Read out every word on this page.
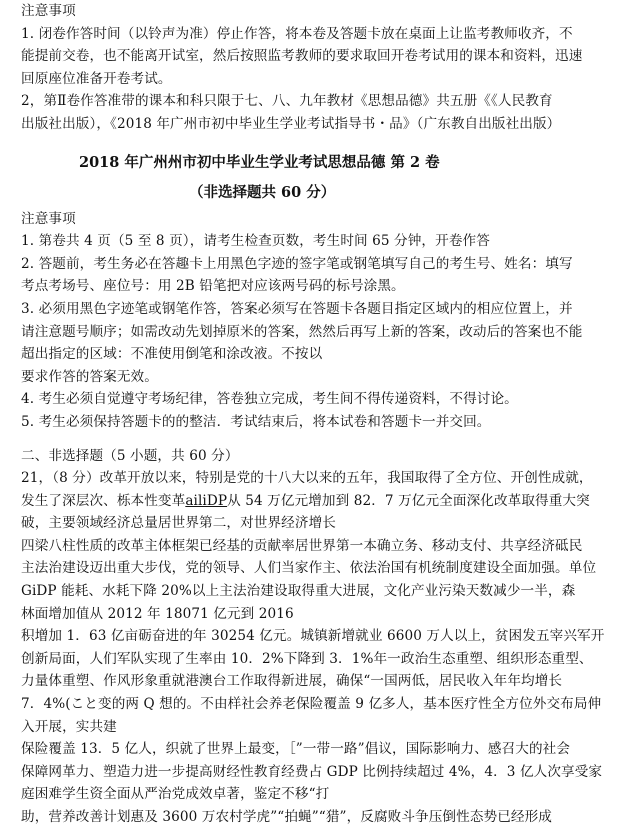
注意事项
1. 闭卷作答时间（以铃声为准）停止作答，将本卷及答题卡放在桌面上让监考教师收齐，不
能提前交卷，也不能离开试室，然后按照监考教师的要求取回开卷考试用的课本和资料，迅速
回原座位准备开卷考试。
2，第Ⅱ卷作答准带的课本和科只限于七、八、九年教材《思想品德》共五册《《人民教育
出版社出版），《2018 年广州市初中毕业生学业考试指导书・品》（广东教自出版社出版）
2018 年广州州市初中毕业生学业考试思想品德 第 2 卷
（非选择题共 60 分）
注意事项
1. 第卷共 4 页（5 至 8 页），请考生检查页数，考生时间 65 分钟，开卷作答
2. 答题前，考生务必在答趣卡上用黑色字迹的签字笔或钢笔填写自己的考生号、姓名：填写
考点考场号、座位号：用 2B 铅笔把对应该两号码的标号涂黑。
3. 必须用黑色字迹笔或钢笔作答，答案必须写在答题卡各题目指定区域内的相应位置上，并
请注意题号顺序；如需改动先划掉原米的答案，然然后再写上新的答案，改动后的答案也不能
超出指定的区域：不准使用倒笔和涂改液。不按以
要求作答的答案无效。
4. 考生必须自觉遵守考场纪律，答卷独立完成，考生间不得传递资料，不得讨论。
5. 考生必须保持答题卡的的整洁．考试结束后，将本试卷和答题卡一并交回。
二、非选择题（5 小题，共 60 分）
21，（8 分）改革开放以来，特别是党的十八大以来的五年，我国取得了全方位、开创性成就，
发生了深层次、栎本性变革ailiDP从 54 万亿元增加到 82．7 万亿元全面深化改革取得重大突
破，主要领域经济总量居世界第二，对世界经济增长
四梁八柱性质的改革主体框架已经基的贡献率居世界第一本确立务、移动支付、共享经济砥民
主法治建设迈出重大步伐，党的领导、人们当家作主、依法治国有机统制度建设全面加强。单位
GiDP 能耗、水耗下降 20%以上主法治建设取得重大进展，文化产业污染天数减少一半，森
林面增加值从 2012 年 18071 亿元到 2016
积增加 1．63 亿亩砺奋进的年 30254 亿元。城镇新增就业 6600 万人以上，贫困发五宰兴军开
创新局面，人们军队实现了生率由 10．2%下降到 3．1%年一政治生态重塑、组织形态重型、
力量体重塑、作风形象重就港澳台工作取得新进展，确保“一国两低，居民收入年年均增长
7．4%(こと变的两 Q 想的。不由样社会养老保险覆盖 9 亿多人，基本医疗性全方位外交布局伸
入开展，实共建
保险覆盖 13．5 亿人，织就了世界上最变，［”一带一路”倡议，国际影响力、感召大的社会
保障网革力、塑造力进一步提高财经性教育经费占 GDP 比例持续超过 4%，4．3 亿人次享受家
庭困难学生资全面从严治党成效卓著，鉴定不移“打
助，营养改善计划惠及 3600 万农村学虎”“拍蝇”“猎”，反腐败斗争压倒性态势已经形成
